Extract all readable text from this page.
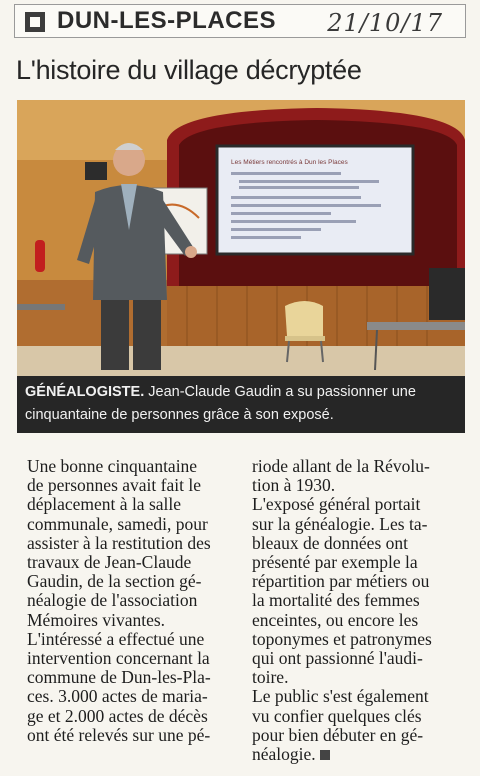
DUN-LES-PLACES 21/10/17
L'histoire du village décryptée
Les Métiers rencontrés à Dun les Places
GÉNÉALOGISTE. Jean-Claude Gaudin a su passionner une cinquantaine de personnes grâce à son exposé.
Une bonne cinquantaine
de personnes avait fait le
déplacement à la salle
communale, samedi, pour
assister à la restitution des
travaux de Jean-Claude
Gaudin, de la section gé-
néalogie de l'association
Mémoires vivantes.
L'intéressé a effectué une
intervention concernant la
commune de Dun-les-Pla-
ces. 3.000 actes de maria-
ge et 2.000 actes de décès
ont été relevés sur une pé-
riode allant de la Révolu-
tion à 1930.
L'exposé général portait
sur la généalogie. Les ta-
bleaux de données ont
présenté par exemple la
répartition par métiers ou
la mortalité des femmes
enceintes, ou encore les
toponymes et patronymes
qui ont passionné l'audi-
toire.
Le public s'est également
vu confier quelques clés
pour bien débuter en gé-
néalogie.
